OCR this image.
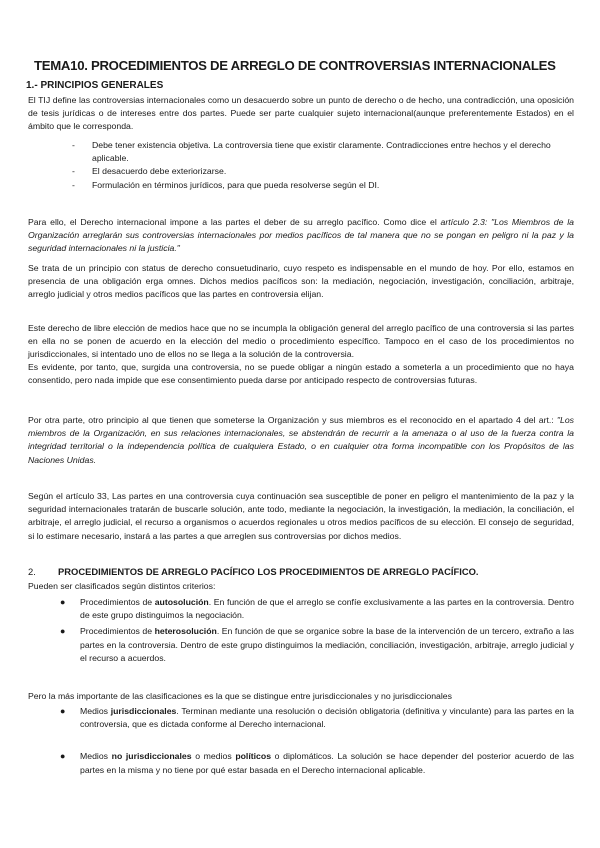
TEMA10. PROCEDIMIENTOS DE ARREGLO DE CONTROVERSIAS INTERNACIONALES
1.- PRINCIPIOS GENERALES

El TIJ define las controversias internacionales como un desacuerdo sobre un punto de derecho o de hecho, una contradicción, una oposición de tesis jurídicas o de intereses entre dos partes. Puede ser parte cualquier sujeto internacional(aunque preferentemente Estados) en el ámbito que le corresponda.

- Debe tener existencia objetiva. La controversia tiene que existir claramente. Contradicciones entre hechos y el derecho aplicable.
- El desacuerdo debe exteriorizarse.
- Formulación en términos jurídicos, para que pueda resolverse según el DI.

Para ello, el Derecho internacional impone a las partes el deber de su arreglo pacífico. Como dice el artículo 2.3: "Los Miembros de la Organización arreglarán sus controversias internacionales por medios pacíficos de tal manera que no se pongan en peligro ni la paz y la seguridad internacionales ni la justicia."

Se trata de un principio con status de derecho consuetudinario, cuyo respeto es indispensable en el mundo de hoy. Por ello, estamos en presencia de una obligación erga omnes. Dichos medios pacíficos son: la mediación, negociación, investigación, conciliación, arbitraje, arreglo judicial y otros medios pacíficos que las partes en controversia elijan.

Este derecho de libre elección de medios hace que no se incumpla la obligación general del arreglo pacífico de una controversia si las partes en ella no se ponen de acuerdo en la elección del medio o procedimiento específico. Tampoco en el caso de los procedimientos no jurisdiccionales, si intentado uno de ellos no se llega a la solución de la controversia.

Es evidente, por tanto, que, surgida una controversia, no se puede obligar a ningún estado a someterla a un procedimiento que no haya consentido, pero nada impide que ese consentimiento pueda darse por anticipado respecto de controversias futuras.

Por otra parte, otro principio al que tienen que someterse la Organización y sus miembros es el reconocido en el apartado 4 del art.: "Los miembros de la Organización, en sus relaciones internacionales, se abstendrán de recurrir a la amenaza o al uso de la fuerza contra la integridad territorial o la independencia política de cualquiera Estado, o en cualquier otra forma incompatible con los Propósitos de las Naciones Unidas.

Según el artículo 33, Las partes en una controversia cuya continuación sea susceptible de poner en peligro el mantenimiento de la paz y la seguridad internacionales tratarán de buscarle solución, ante todo, mediante la negociación, la investigación, la mediación, la conciliación, el arbitraje, el arreglo judicial, el recurso a organismos o acuerdos regionales u otros medios pacíficos de su elección. El consejo de seguridad, si lo estimare necesario, instará a las partes a que arreglen sus controversias por dichos medios.

2. PROCEDIMIENTOS DE ARREGLO PACÍFICO LOS PROCEDIMIENTOS DE ARREGLO PACÍFICO.

Pueden ser clasificados según distintos criterios:

● Procedimientos de autosolución. En función de que el arreglo se confíe exclusivamente a las partes en la controversia. Dentro de este grupo distinguimos la negociación.
● Procedimientos de heterosolución. En función de que se organice sobre la base de la intervención de un tercero, extraño a las partes en la controversia. Dentro de este grupo distinguimos la mediación, conciliación, investigación, arbitraje, arreglo judicial y el recurso a acuerdos.

Pero la más importante de las clasificaciones es la que se distingue entre jurisdiccionales y no jurisdiccionales

● Medios jurisdiccionales. Terminan mediante una resolución o decisión obligatoria (definitiva y vinculante) para las partes en la controversia, que es dictada conforme al Derecho internacional.
● Medios no jurisdiccionales o medios políticos o diplomáticos. La solución se hace depender del posterior acuerdo de las partes en la misma y no tiene por qué estar basada en el Derecho internacional aplicable.
